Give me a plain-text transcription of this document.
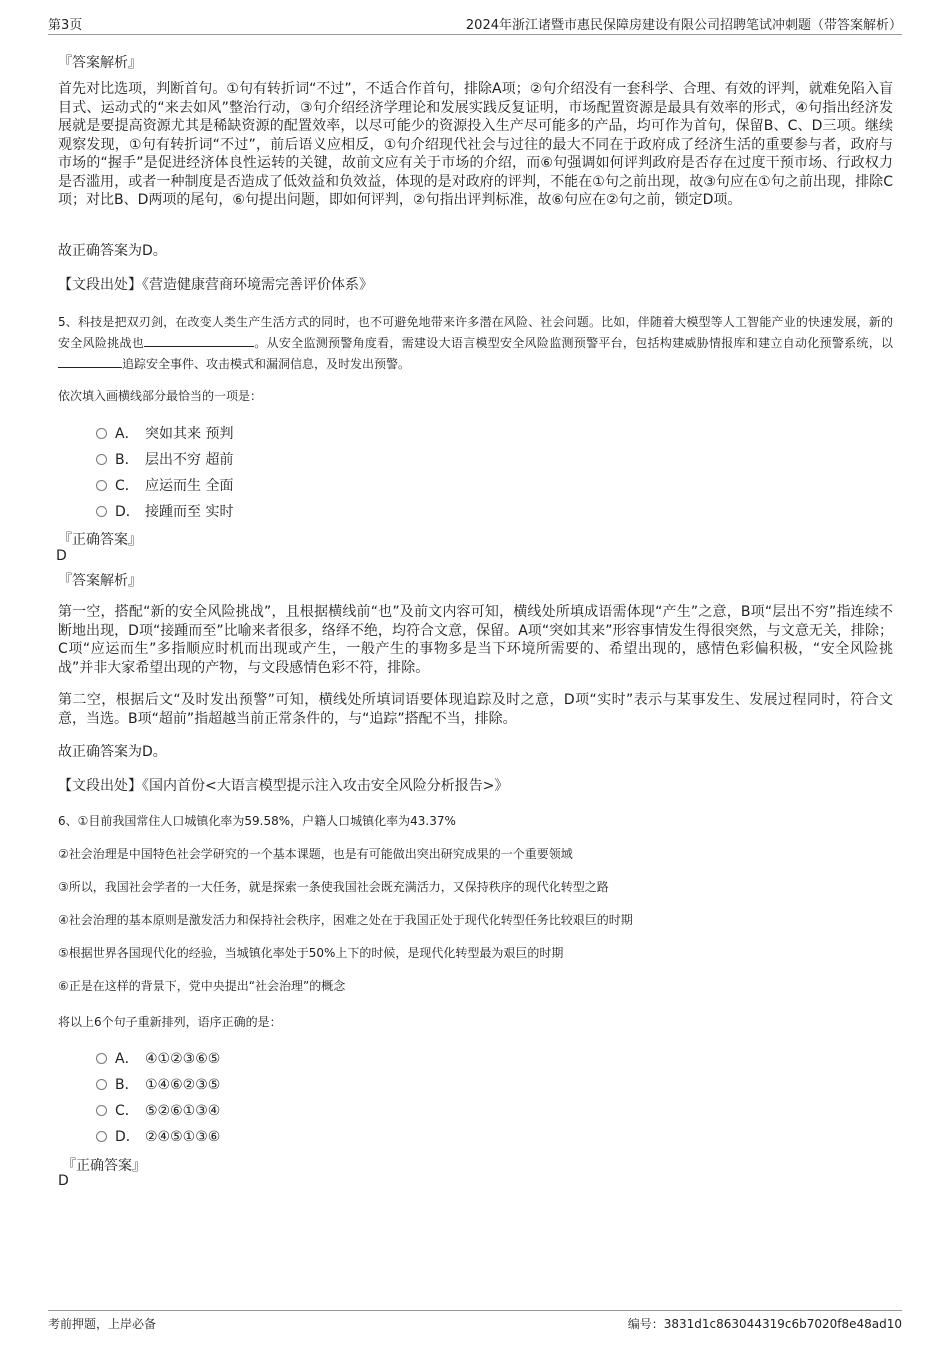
第3页	2024年浙江诸暨市惠民保障房建设有限公司招聘笔试冲刺题（带答案解析）
『答案解析』
首先对比选项，判断首句。①句有转折词“不过”，不适合作首句，排除A项；②句介绍没有一套科学、合理、有效的评判，就难免陷入盲目式、运动式的“来去如风”整治行动，③句介绍经济学理论和发展实践反复证明，市场配置资源是最具有效率的形式，④句指出经济发展就是要提高资源尤其是稀缺资源的配置效率，以尽可能少的资源投入生产尽可能多的产品，均可作为首句，保留B、C、D三项。继续观察发现，①句有转折词“不过”，前后语义应相反，①句介绍现代社会与过往的最大不同在于政府成了经济生活的重要参与者，政府与市场的“握手”是促进经济体良性运转的关键，故前文应有关于市场的介绍，而⑥句强调如何评判政府是否存在过度干预市场、行政权力是否滥用，或者一种制度是否造成了低效益和负效益，体现的是对政府的评判，不能在①句之前出现，故③句应在①句之前出现，排除C项；对比B、D两项的尾句，⑥句提出问题，即如何评判，②句指出评判标准，故⑥句应在②句之前，锁定D项。
故正确答案为D。
【文段出处】《营造健康营商环境需完善评价体系》
5、科技是把双刃剑，在改变人类生产生活方式的同时，也不可避免地带来许多潜在风险、社会问题。比如，伴随着大模型等人工智能产业的快速发展，新的安全风险挑战也	。从安全监测预警角度看，需建设大语言模型安全风险监测预警平台，包括构建威胁情报库和建立自动化预警系统，以追踪安全事件、攻击模式和漏洞信息，及时发出预警。
依次填入画横线部分最恰当的一项是：
A． 突如其来 预判
B． 层出不穷 超前
C． 应运而生 全面
D． 接踵而至 实时
『正确答案』
D
『答案解析』
第一空，搭配“新的安全风险挑战”，且根据横线前“也”及前文内容可知，横线处所填成语需体现“产生”之意，B项“层出不穷”指连续不断地出现，D项“接踵而至”比喻来者很多，络绎不绝，均符合文意，保留。A项“突如其来”形容事情发生得很突然，与文意无关，排除；C项“应运而生”多指顺应时机而出现或产生，一般产生的事物多是当下环境所需要的、希望出现的，感情色彩偏积极，“安全风险挑战”并非大家希望出现的产物，与文段感情色彩不符，排除。
第二空，根据后文“及时发出预警”可知，横线处所填词语要体现追踪及时之意，D项“实时”表示与某事发生、发展过程同时，符合文意，当选。B项“超前”指超越当前正常条件的，与“追踪”搭配不当，排除。
故正确答案为D。
【文段出处】《国内首份<大语言模型提示注入攻击安全风险分析报告>》
6、①目前我国常住人口城镇化率为59.58%，户籍人口城镇化率为43.37%
②社会治理是中国特色社会学研究的一个基本课题，也是有可能做出突出研究成果的一个重要领域
③所以，我国社会学者的一大任务，就是探索一条使我国社会既充满活力，又保持秩序的现代化转型之路
④社会治理的基本原则是激发活力和保持社会秩序，困难之处在于我国正处于现代化转型任务比较艰巨的时期
⑤根据世界各国现代化的经验，当城镇化率处于50%上下的时候，是现代化转型最为艰巨的时期
⑥正是在这样的背景下，党中央提出“社会治理”的概念
将以上6个句子重新排列，语序正确的是：
A． ④①②③⑥⑤
B． ①④⑥②③⑤
C． ⑤②⑥①③④
D． ②④⑤①③⑥
『正确答案』
D
考前押题，上岸必备	编号：3831d1c863044319c6b7020f8e48ad10
